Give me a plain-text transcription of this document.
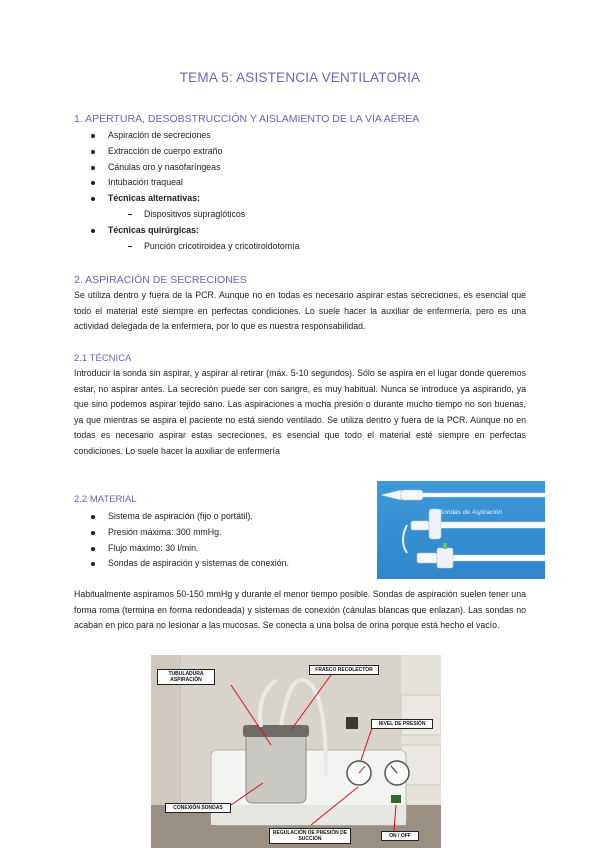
TEMA 5: ASISTENCIA VENTILATORIA
1. APERTURA, DESOBSTRUCCIÓN Y AISLAMIENTO DE LA VÍA AÉREA
Aspiración de secreciones
Extracción de cuerpo extraño
Cánulas oro y nasofaríngeas
Intubación traqueal
Técnicas alternativas:
Dispositivos supraglóticos
Técnicas quirúrgicas:
Punción cricotiroidea y cricotiroidotomía
2. ASPIRACIÓN DE SECRECIONES

Se utiliza dentro y fuera de la PCR. Aunque no en todas es necesario aspirar estas secreciones, es esencial que todo el material esté siempre en perfectas condiciones. Lo suele hacer la auxiliar de enfermería, pero es una actividad delegada de la enfermera, por lo que es nuestra responsabilidad.

2.1 TÉCNICA

Introducir la sonda sin aspirar, y aspirar al retirar (máx. 5-10 segundos). Sólo se aspira en el lugar donde queremos estar, no aspirar antes. La secreción puede ser con sangre, es muy habitual. Nunca se introduce ya aspirando, ya que sino podemos aspirar tejido sano. Las aspiraciones a mucha presión o durante mucho tiempo no son buenas, ya que mientras se aspira el paciente no está siendo ventilado. Se utiliza dentro y fuera de la PCR. Aunque no en todas es necesario aspirar estas secreciones, es esencial que todo el material esté siempre en perfectas condiciones. Lo suele hacer la auxiliar de enfermería

2.2 MATERIAL
Sistema de aspiración (fijo o portátil).
Presión máxima: 300 mmHg.
Flujo máximo: 30 l/min.
Sondas de aspiración y sistemas de conexión.
Sondas de Aspiración

Habitualmente aspiramos 50-150 mmHg y durante el menor tiempo posible. Sondas de aspiración suelen tener una forma roma (termina en forma redondeada) y sistemas de conexión (cánulas blancas que enlazan). Las sondas no acaban en pico para no lesionar a las mucosas. Se conecta a una bolsa de orina porque está hecho el vacío.

TUBULADURA ASPIRACIÓN
FRASCO RECOLECTOR
NIVEL DE PRESIÓN
CONEXIÓN SONDAS
REGULACIÓN DE PRESIÓN DE SUCCIÓN	ON / OFF
